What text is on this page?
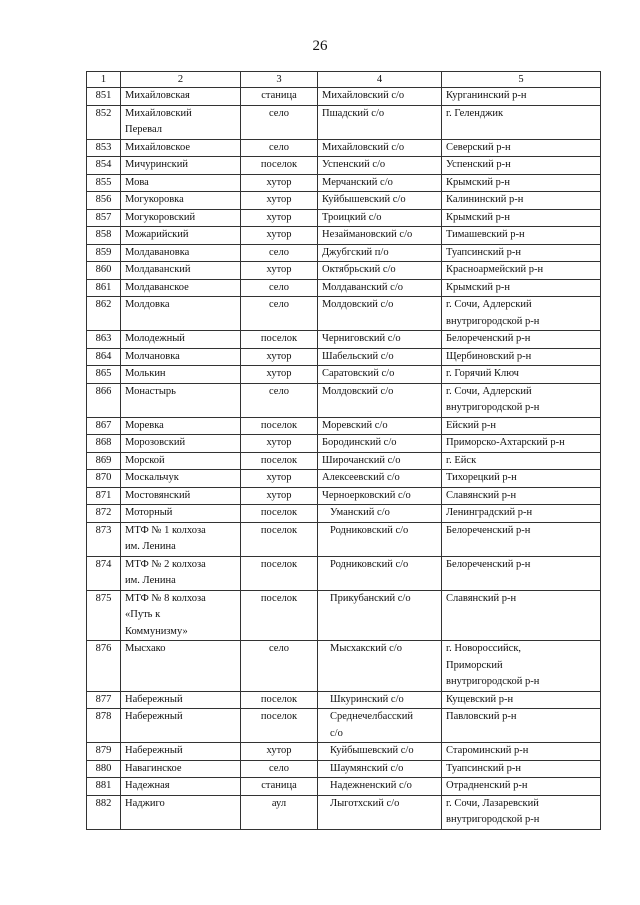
26
1	2	3	4	5
851	Михайловская	станица	Михайловский с/о	Курганинский р-н
852	Михайловский
Перевал	село	Пшадский с/о	г. Геленджик
853	Михайловское	село	Михайловский с/о	Северский р-н
854	Мичуринский	поселок	Успенский с/о	Успенский р-н
855	Мова	хутор	Мерчанский с/о	Крымский р-н
856	Могукоровка	хутор	Куйбышевский с/о	Калининский р-н
857	Могукоровский	хутор	Троицкий с/о	Крымский р-н
858	Можарийский	хутор	Незаймановский с/о	Тимашевский р-н
859	Молдавановка	село	Джубгский п/о	Туапсинский р-н
860	Молдаванский	хутор	Октябрьский с/о	Красноармейский р-н
861	Молдаванское	село	Молдаванский с/о	Крымский р-н
862	Молдовка	село	Молдовский с/о	г. Сочи, Адлерский
внутригородской р-н
863	Молодежный	поселок	Черниговский с/о	Белореченский р-н
864	Молчановка	хутор	Шабельский с/о	Щербиновский р-н
865	Молькин	хутор	Саратовский с/о	г. Горячий Ключ
866	Монастырь	село	Молдовский с/о	г. Сочи, Адлерский
внутригородской р-н
867	Моревка	поселок	Моревский с/о	Ейский р-н
868	Морозовский	хутор	Бородинский с/о	Приморско-Ахтарский р-н
869	Морской	поселок	Широчанский с/о	г. Ейск
870	Москальчук	хутор	Алексеевский с/о	Тихорецкий р-н
871	Мостовянский	хутор	Черноерковский с/о	Славянский р-н
872	Моторный	поселок	Уманский с/о	Ленинградский р-н
873	МТФ № 1 колхоза
им. Ленина	поселок	Родниковский с/о	Белореченский р-н
874	МТФ № 2 колхоза
им. Ленина	поселок	Родниковский с/о	Белореченский р-н
875	МТФ № 8 колхоза
«Путь к
Коммунизму»	поселок	Прикубанский с/о	Славянский р-н
876	Мысхако	село	Мысхакский с/о	г. Новороссийск,
Приморский
внутригородской р-н
877	Набережный	поселок	Шкуринский с/о	Кущевский р-н
878	Набережный	поселок	Среднечелбасский
с/о	Павловский р-н
879	Набережный	хутор	Куйбышевский с/о	Староминский р-н
880	Навагинское	село	Шаумянский с/о	Туапсинский р-н
881	Надежная	станица	Надежненский с/о	Отрадненский р-н
882	Наджиго	аул	Лыготхский с/о	г. Сочи, Лазаревский
внутригородской р-н
